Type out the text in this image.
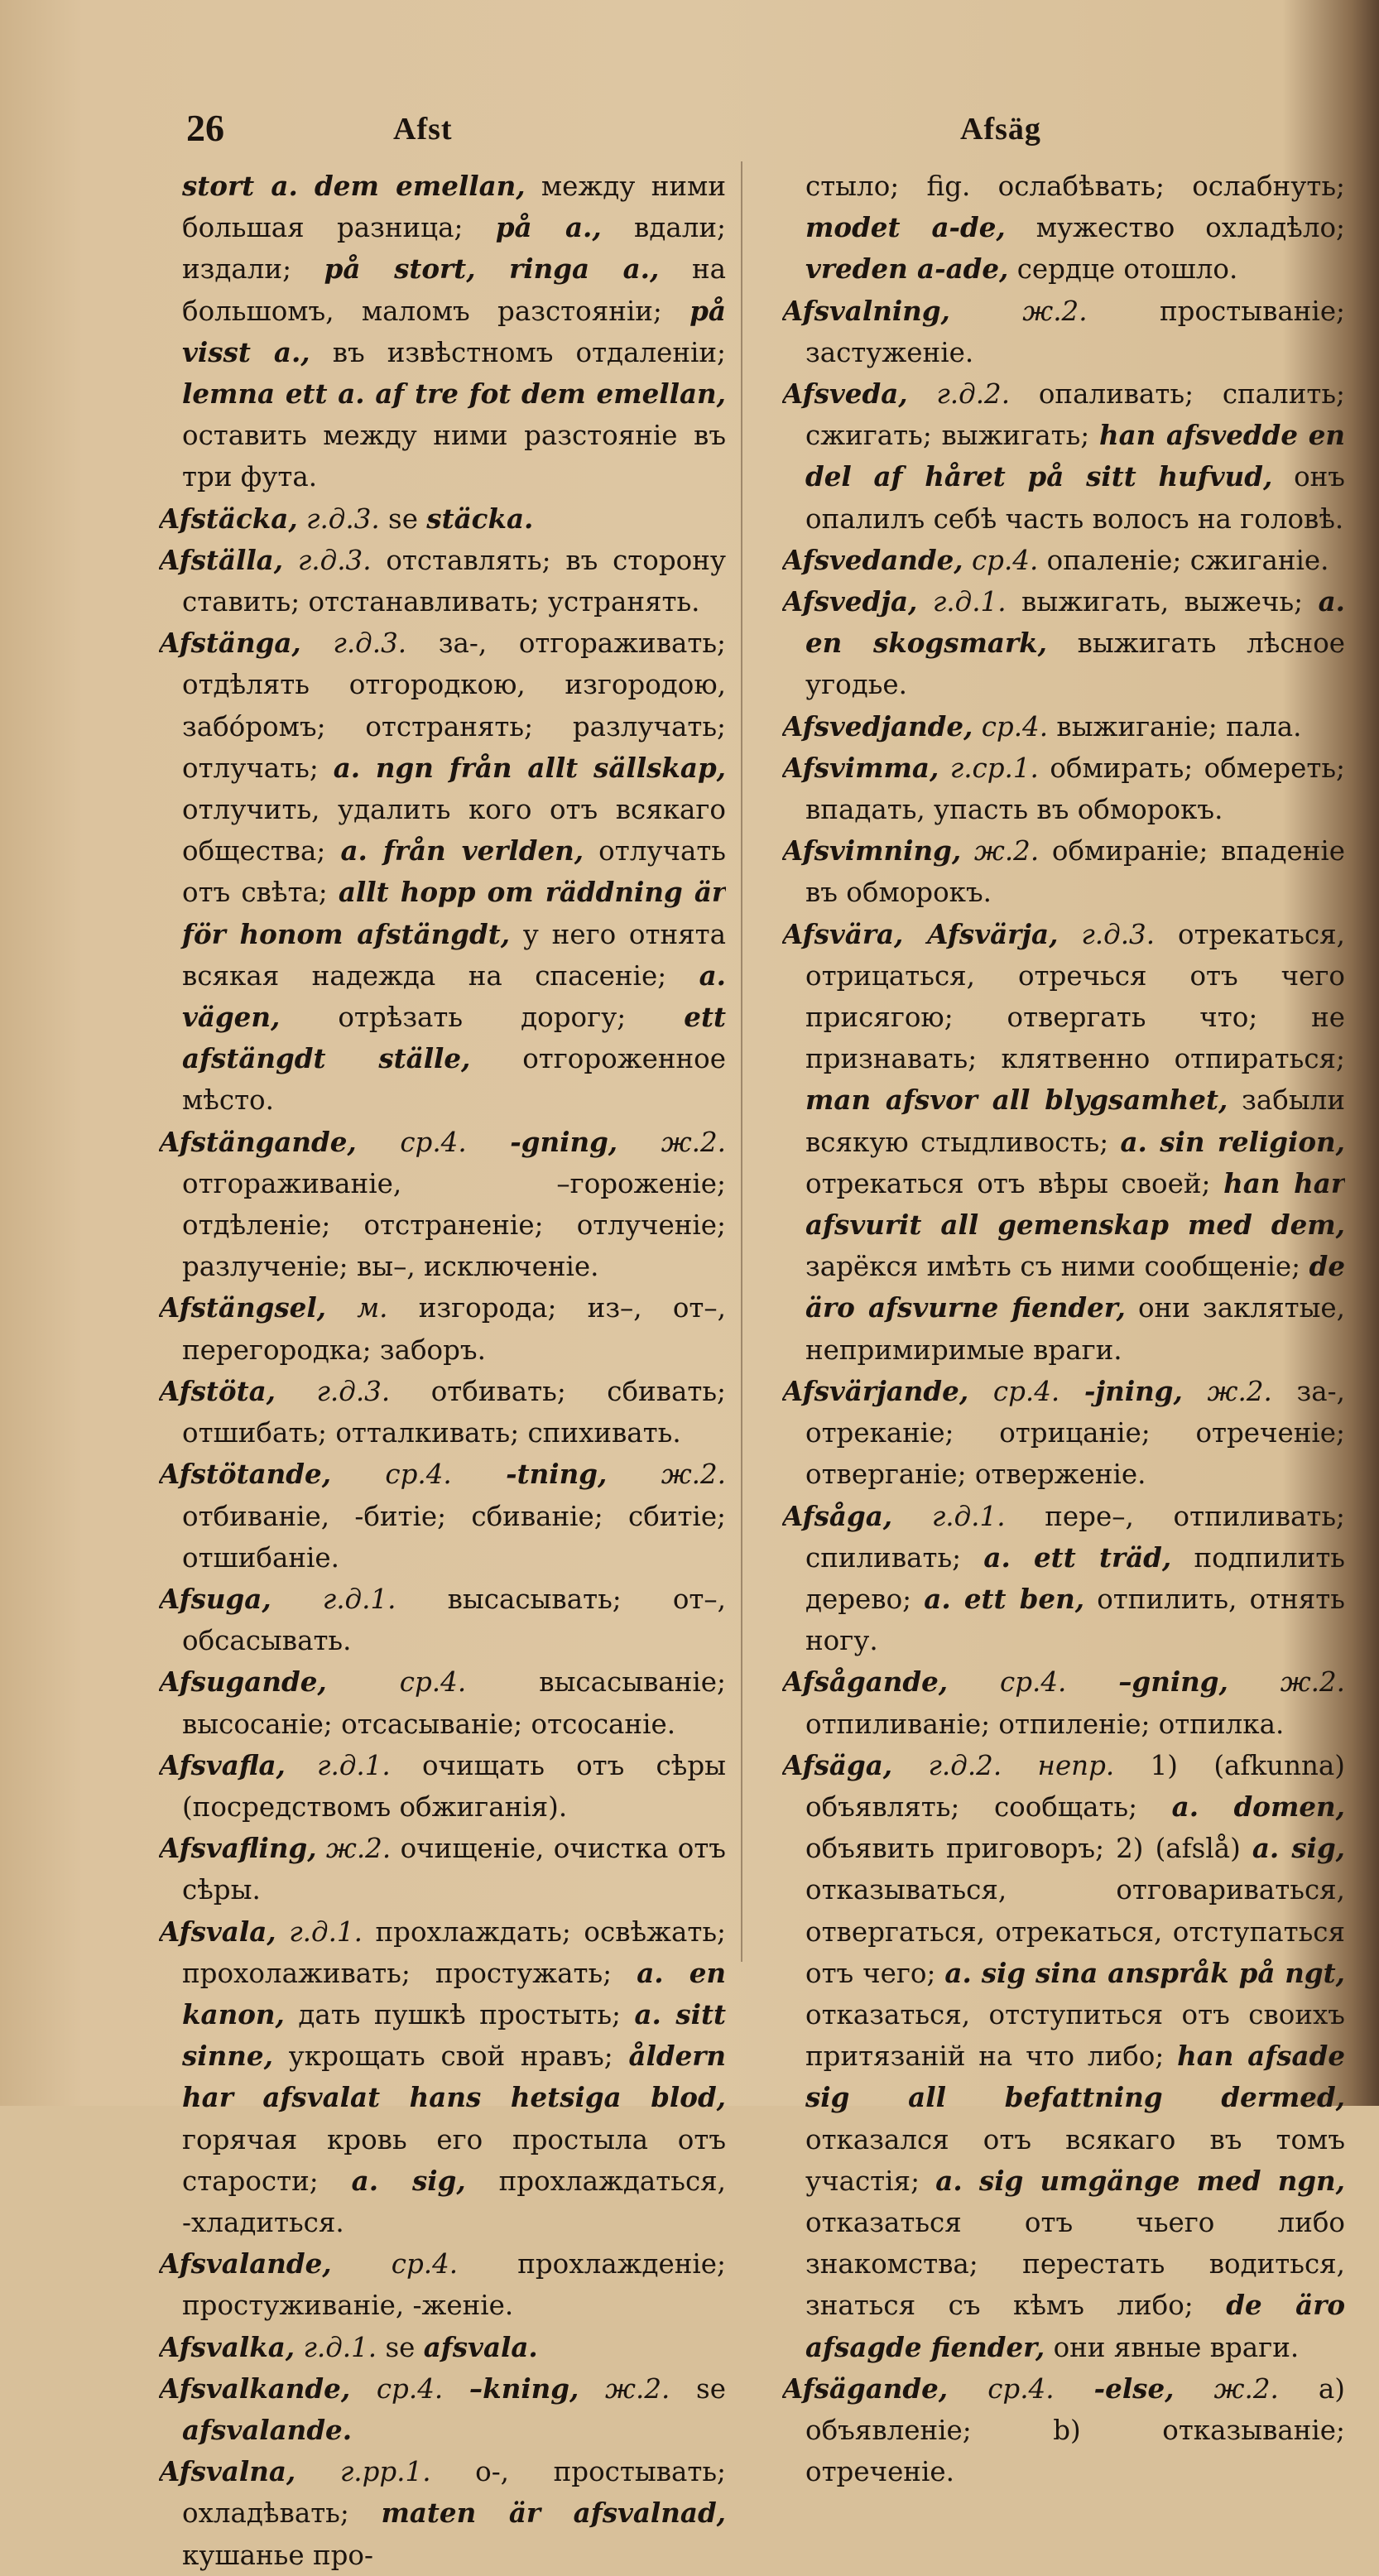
26	Afst	Afsäg
stort a. dem emellan, между ними большая разница; på a., вдали; издали; på stort, ringa a., на большомъ, маломъ разстояніи; på visst a., въ извѣстномъ отдаленіи; lemna ett a. af tre fot dem emellan, оставить между ними разстояніе въ три фута.
Afstäcka, г.д.3. se stäcka.
Afställa, г.д.3. отставлять; въ сторону ставить; отстанавливать; устранять.
Afstänga, г.д.3. за-, отгораживать; отдѣлять отгородкою, изгородою, забо́ромъ; отстранять; разлучать; отлучать; a. ngn från allt sällskap, отлучить, удалить кого отъ всякаго общества; a. från verlden, отлучать отъ свѣта; allt hopp om räddning är för honom afstängdt, у него отнята всякая надежда на спасеніе; a. vägen, отрѣзать дорогу; ett afstängdt ställe, отгороженное мѣсто.
Afstängande, ср.4. -gning, ж.2. отгораживаніе, –гороженіе; отдѣленіе; отстраненіе; отлученіе; разлученіе; вы–, исключеніе.
Afstängsel, м. изгорода; из–, от–, перегородка; заборъ.
Afstöta, г.д.3. отбивать; сбивать; отшибать; отталкивать; спихивать.
Afstötande, ср.4. -tning, ж.2. отбиваніе, -битіе; сбиваніе; сбитіе; отшибаніе.
Afsuga, г.д.1. высасывать; от–, обсасывать.
Afsugande, ср.4. высасываніе; высосаніе; отсасываніе; отсосаніе.
Afsvafla, г.д.1. очищать отъ сѣры (посредствомъ обжиганія).
Afsvafling, ж.2. очищеніе, очистка отъ сѣры.
Afsvala, г.д.1. прохлаждать; освѣжать; прохолаживать; простужать; a. en kanon, дать пушкѣ простыть; a. sitt sinne, укрощать свой нравъ; åldern har afsvalat hans hetsiga blod, горячая кровь его простыла отъ старости; a. sig, прохлаждаться, -хладиться.
Afsvalande, ср.4. прохлажденіе; простуживаніе, -женіе.
Afsvalka, г.д.1. se afsvala.
Afsvalkande, ср.4. –kning, ж.2. se afsvalande.
Afsvalna, г.рр.1. о-, простывать; охладѣвать; maten är afsvalnad, кушанье про-
стыло; fig. ослабѣвать; ослабнуть; modet a-de, мужество охладѣло; vreden a-ade, сердце отошло.
Afsvalning, ж.2. простываніе; застуженіе.
Afsveda, г.д.2. опаливать; спалить; сжигать; выжигать; han afsvedde en del af håret på sitt hufvud, онъ опалилъ себѣ часть волосъ на головѣ.
Afsvedande, ср.4. опаленіе; сжиганіе.
Afsvedja, г.д.1. выжигать, выжечь; a. en skogsmark, выжигать лѣсное угодье.
Afsvedjande, ср.4. выжиганіе; пала.
Afsvimma, г.ср.1. обмирать; обмереть; впадать, упасть въ обморокъ.
Afsvimning, ж.2. обмираніе; впаденіе въ обморокъ.
Afsvära, Afsvärja, г.д.3. отрекаться, отрицаться, отречься отъ чего присягою; отвергать что; не признавать; клятвенно отпираться; man afsvor all blygsamhet, забыли всякую стыдливость; a. sin religion, отрекаться отъ вѣры своей; han har afsvurit all gemenskap med dem, зарёкся имѣть съ ними сообщеніе; de äro afsvurne fiender, они заклятые, непримиримые враги.
Afsvärjande, ср.4. -jning, ж.2. за-, отреканіе; отрицаніе; отреченіе; отверганіе; отверженіе.
Afsåga, г.д.1. пере–, отпиливать; спиливать; a. ett träd, подпилить дерево; a. ett ben, отпилить, отнять ногу.
Afsågande, ср.4. –gning, ж.2. отпиливаніе; отпиленіе; отпилка.
Afsäga, г.д.2. непр. 1) (afkunna) объявлять; сообщать; a. domen, объявить приговоръ; 2) (afslå) a. sig, отказываться, отговариваться, отвергаться, отрекаться, отступаться отъ чего; a. sig sina anspråk på ngt, отказаться, отступиться отъ своихъ притязаній на что либо; han afsade sig all befattning dermed, отказался отъ всякаго въ томъ участія; a. sig umgänge med ngn, отказаться отъ чьего либо знакомства; перестать водиться, знаться съ кѣмъ либо; de äro afsagde fiender, они явные враги.
Afsägande, ср.4. -else, ж.2. a) объявленіе; b) отказываніе; отреченіе.
